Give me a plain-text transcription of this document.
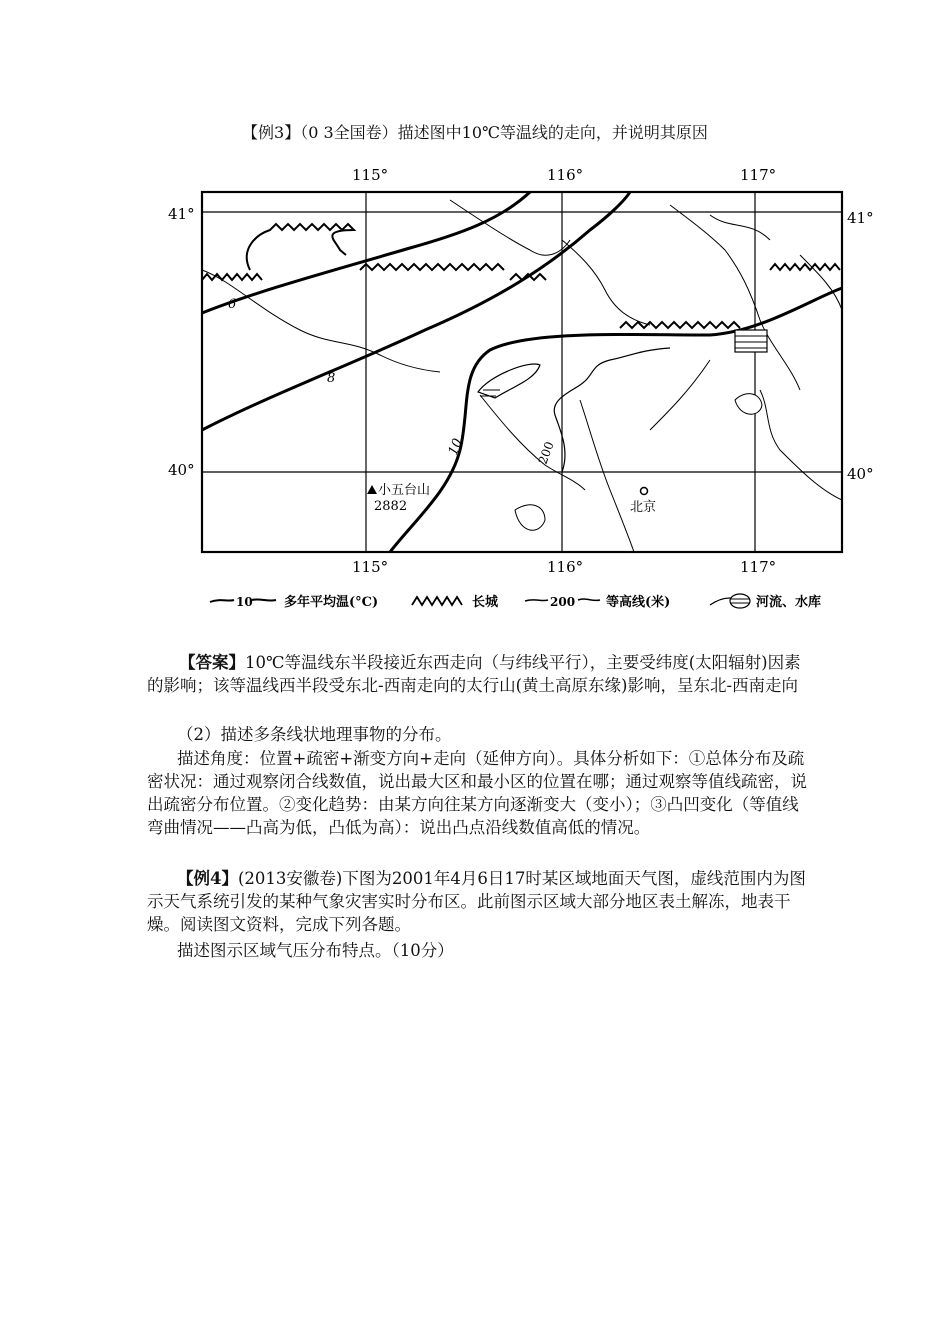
【例3】（0 3全国卷）描述图中10℃等温线的走向，并说明其原因
115°	116°	117°
115°	116°	117°
41°	41°
40°	40°
6
8
10	200
小五台山
2882	北京
10 多年平均温(°C)	长城	200 等高线(米)	河流、水库
【答案】10℃等温线东半段接近东西走向（与纬线平行），主要受纬度(太阳辐射)因素的影响；该等温线西半段受东北-西南走向的太行山(黄土高原东缘)影响，呈东北-西南走向
（2）描述多条线状地理事物的分布。
描述角度：位置+疏密+渐变方向+走向（延伸方向）。具体分析如下：①总体分布及疏密状况：通过观察闭合线数值，说出最大区和最小区的位置在哪；通过观察等值线疏密，说出疏密分布位置。②变化趋势：由某方向往某方向逐渐变大（变小）；③凸凹变化（等值线弯曲情况——凸高为低，凸低为高）：说出凸点沿线数值高低的情况。
【例4】(2013安徽卷)下图为2001年4月6日17时某区域地面天气图，虚线范围内为图示天气系统引发的某种气象灾害实时分布区。此前图示区域大部分地区表土解冻，地表干燥。阅读图文资料，完成下列各题。
描述图示区域气压分布特点。（10分）
